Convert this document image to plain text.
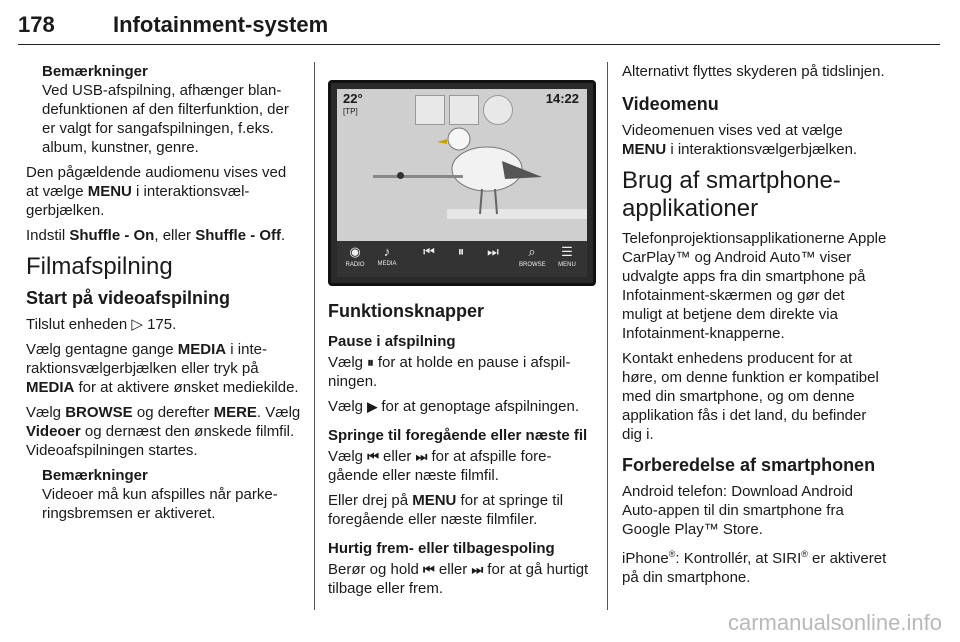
178	Infotainment-system

Bemærkninger
Ved USB-afspilning, afhænger blandefunktionen af den filterfunktion, der er valgt for sangafspilningen, f.eks. album, kunstner, genre.

Den pågældende audiomenu vises ved at vælge MENU i interaktionsvælgerbjælken.

Indstil Shuffle - On, eller Shuffle - Off.

Filmafspilning
Start på videoafspilning

Tilslut enheden ▷ 175.

Vælg gentagne gange MEDIA i interaktionsvælgerbjælken eller tryk på MEDIA for at aktivere ønsket mediekilde.

Vælg BROWSE og derefter MERE. Vælg Videoer og dernæst den ønskede filmfil. Videoafspilningen startes.

Bemærkninger
Videoer må kun afspilles når parkeringsbremsen er aktiveret.

22°
[TP]
14:22
◉
RADIO
♪
MEDIA
⏮	⏸	⏭	⌕
BROWSE
☰
MENU
Funktionsknapper
Pause i afspilning

Vælg ⏸ for at holde en pause i afspilningen.

Vælg ▶ for at genoptage afspilningen.

Springe til foregående eller næste fil

Vælg ⏮ eller ⏭ for at afspille foregående eller næste filmfil.

Eller drej på MENU for at springe til foregående eller næste filmfiler.

Hurtig frem- eller tilbagespoling

Berør og hold ⏮ eller ⏭ for at gå hurtigt tilbage eller frem.

Alternativt flyttes skyderen på tidslinjen.

Videomenu

Videomenuen vises ved at vælge MENU i interaktionsvælgerbjælken.

Brug af smartphone-applikationer

Telefonprojektionsapplikationerne Apple CarPlay™ og Android Auto™ viser udvalgte apps fra din smartphone på Infotainment-skærmen og gør det muligt at betjene dem direkte via Infotainment-knapperne.

Kontakt enhedens producent for at høre, om denne funktion er kompatibel med din smartphone, og om denne applikation fås i det land, du befinder dig i.

Forberedelse af smartphonen

Android telefon: Download Android Auto-appen til din smartphone fra Google Play™ Store.

iPhone®: Kontrollér, at SIRI® er aktiveret på din smartphone.

carmanualsonline.info
